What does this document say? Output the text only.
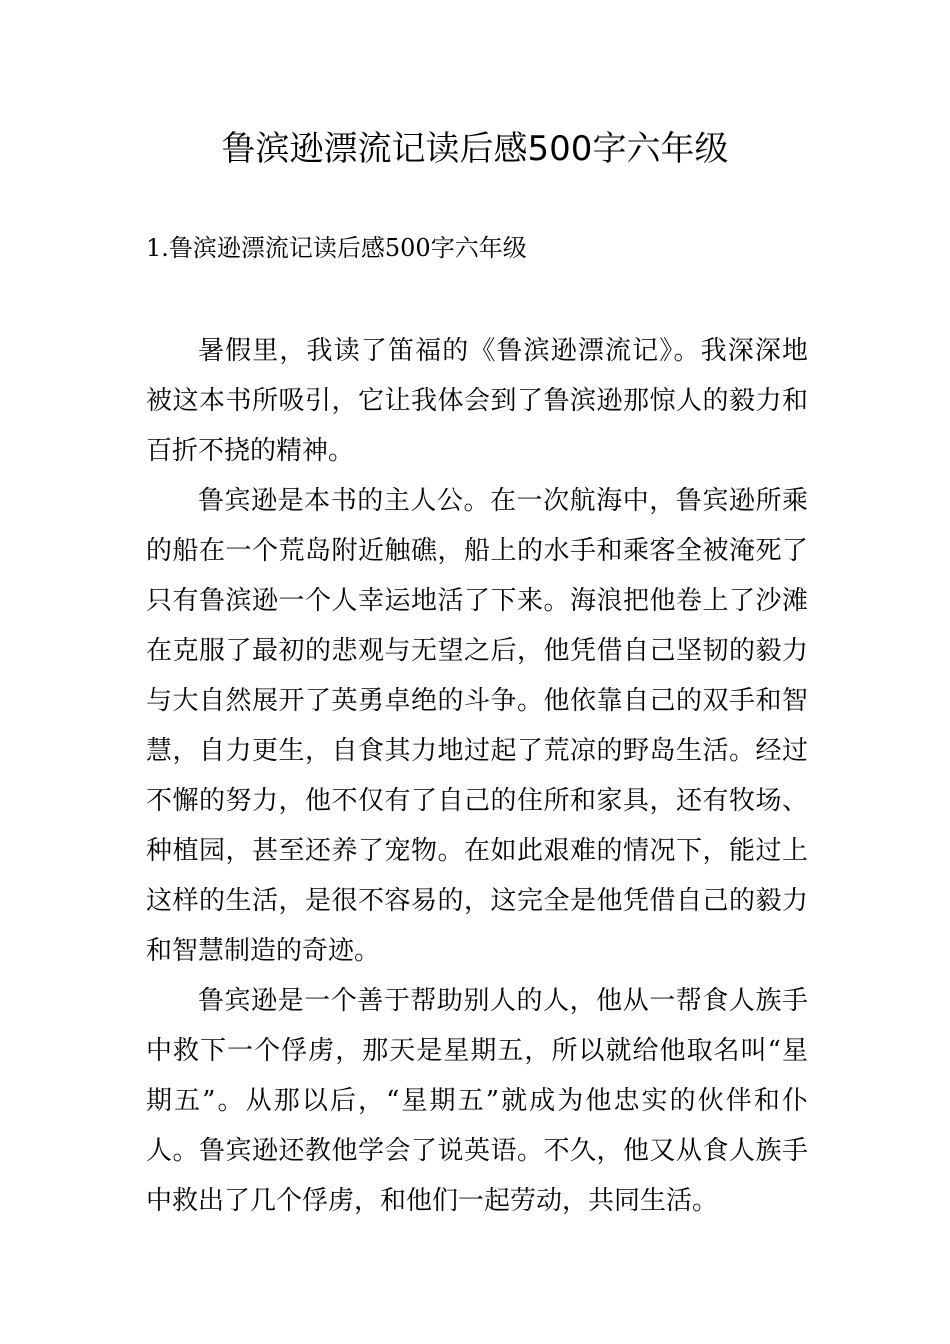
鲁滨逊漂流记读后感500字六年级
1.鲁滨逊漂流记读后感500字六年级

暑假里，我读了笛福的《鲁滨逊漂流记》。我深深地被这本书所吸引，它让我体会到了鲁滨逊那惊人的毅力和百折不挠的精神。

鲁宾逊是本书的主人公。在一次航海中，鲁宾逊所乘的船在一个荒岛附近触礁，船上的水手和乘客全被淹死了只有鲁滨逊一个人幸运地活了下来。海浪把他卷上了沙滩在克服了最初的悲观与无望之后，他凭借自己坚韧的毅力与大自然展开了英勇卓绝的斗争。他依靠自己的双手和智慧，自力更生，自食其力地过起了荒凉的野岛生活。经过不懈的努力，他不仅有了自己的住所和家具，还有牧场、种植园，甚至还养了宠物。在如此艰难的情况下，能过上这样的生活，是很不容易的，这完全是他凭借自己的毅力和智慧制造的奇迹。

鲁宾逊是一个善于帮助别人的人，他从一帮食人族手中救下一个俘虏，那天是星期五，所以就给他取名叫“星期五”。从那以后，“星期五”就成为他忠实的伙伴和仆人。鲁宾逊还教他学会了说英语。不久，他又从食人族手中救出了几个俘虏，和他们一起劳动，共同生活。
